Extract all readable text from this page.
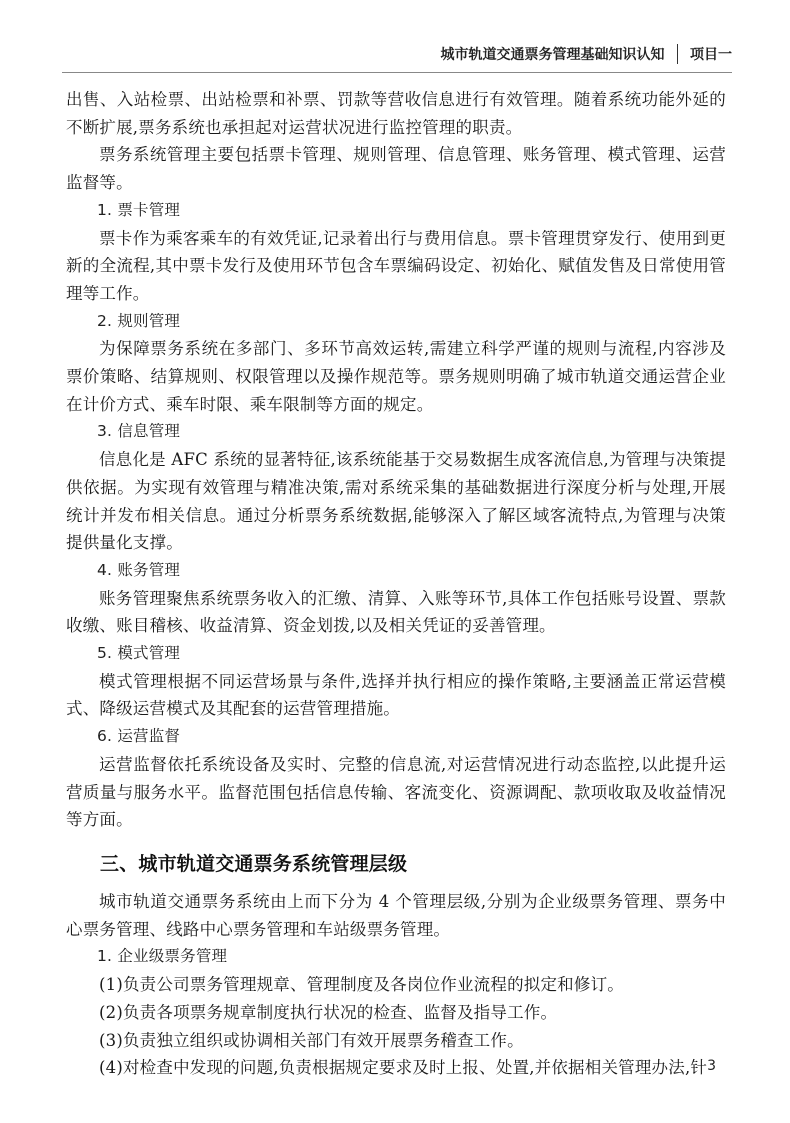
城市轨道交通票务管理基础知识认知 项目一

出售、入站检票、出站检票和补票、罚款等营收信息进行有效管理。随着系统功能外延的不断扩展,票务系统也承担起对运营状况进行监控管理的职责。

票务系统管理主要包括票卡管理、规则管理、信息管理、账务管理、模式管理、运营监督等。

1. 票卡管理

票卡作为乘客乘车的有效凭证,记录着出行与费用信息。票卡管理贯穿发行、使用到更新的全流程,其中票卡发行及使用环节包含车票编码设定、初始化、赋值发售及日常使用管理等工作。

2. 规则管理

为保障票务系统在多部门、多环节高效运转,需建立科学严谨的规则与流程,内容涉及票价策略、结算规则、权限管理以及操作规范等。票务规则明确了城市轨道交通运营企业在计价方式、乘车时限、乘车限制等方面的规定。

3. 信息管理

信息化是 AFC 系统的显著特征,该系统能基于交易数据生成客流信息,为管理与决策提供依据。为实现有效管理与精准决策,需对系统采集的基础数据进行深度分析与处理,开展统计并发布相关信息。通过分析票务系统数据,能够深入了解区域客流特点,为管理与决策提供量化支撑。

4. 账务管理

账务管理聚焦系统票务收入的汇缴、清算、入账等环节,具体工作包括账号设置、票款收缴、账目稽核、收益清算、资金划拨,以及相关凭证的妥善管理。

5. 模式管理

模式管理根据不同运营场景与条件,选择并执行相应的操作策略,主要涵盖正常运营模式、降级运营模式及其配套的运营管理措施。

6. 运营监督

运营监督依托系统设备及实时、完整的信息流,对运营情况进行动态监控,以此提升运营质量与服务水平。监督范围包括信息传输、客流变化、资源调配、款项收取及收益情况等方面。

三、城市轨道交通票务系统管理层级

城市轨道交通票务系统由上而下分为 4 个管理层级,分别为企业级票务管理、票务中心票务管理、线路中心票务管理和车站级票务管理。

1. 企业级票务管理

(1)负责公司票务管理规章、管理制度及各岗位作业流程的拟定和修订。

(2)负责各项票务规章制度执行状况的检查、监督及指导工作。

(3)负责独立组织或协调相关部门有效开展票务稽查工作。

(4)对检查中发现的问题,负责根据规定要求及时上报、处置,并依据相关管理办法,针 3
